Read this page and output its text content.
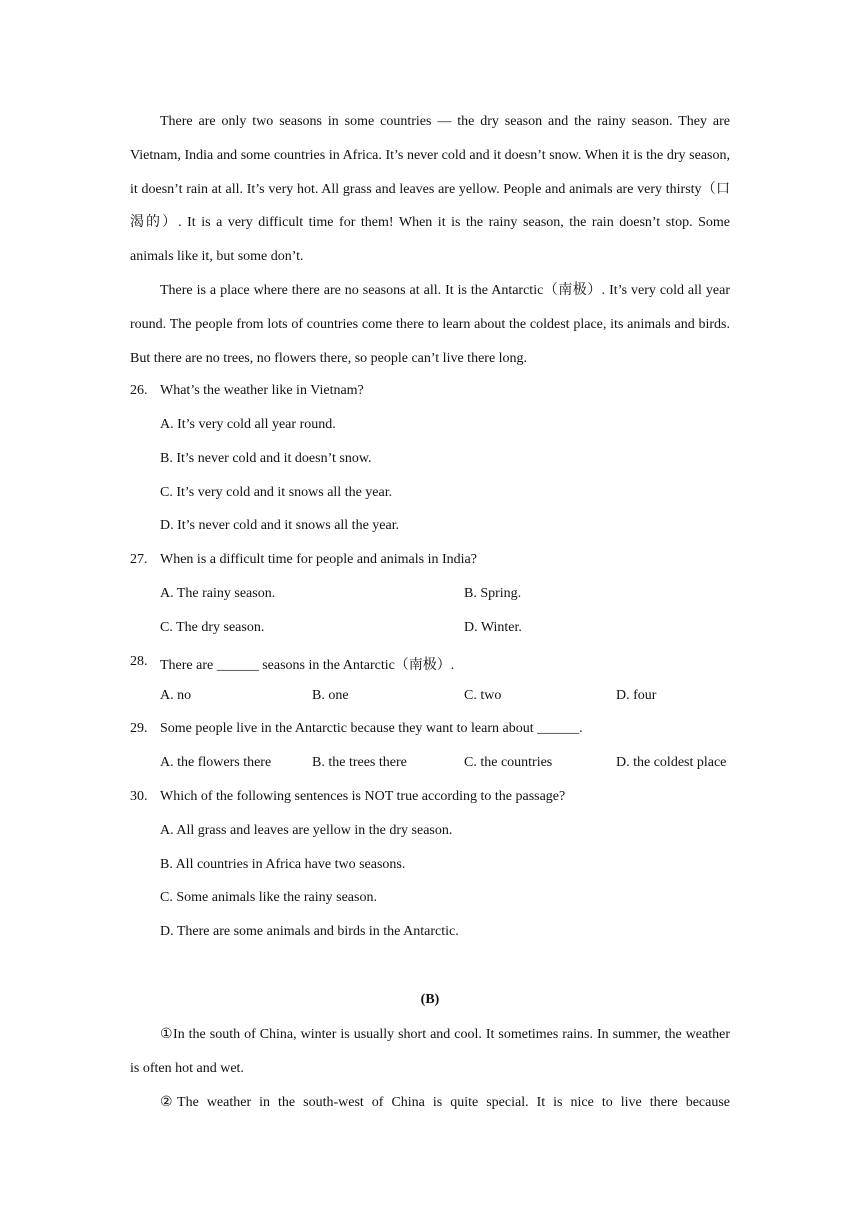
There are only two seasons in some countries — the dry season and the rainy season. They are Vietnam, India and some countries in Africa. It’s never cold and it doesn’t snow. When it is the dry season, it doesn’t rain at all. It’s very hot. All grass and leaves are yellow. People and animals are very thirsty（口渴的）. It is a very difficult time for them! When it is the rainy season, the rain doesn’t stop. Some animals like it, but some don’t.

There is a place where there are no seasons at all. It is the Antarctic（南极）. It’s very cold all year round. The people from lots of countries come there to learn about the coldest place, its animals and birds. But there are no trees, no flowers there, so people can’t live there long.

26. What’s the weather like in Vietnam?
A. It’s very cold all year round.
B. It’s never cold and it doesn’t snow.
C. It’s very cold and it snows all the year.
D. It’s never cold and it snows all the year.
27. When is a difficult time for people and animals in India?
A. The rainy season.	B. Spring.
C. The dry season.	D. Winter.
28. There are ______ seasons in the Antarctic（南极）.
A. no	B. one	C. two	D. four
29. Some people live in the Antarctic because they want to learn about ______.
A. the flowers there	B. the trees there	C. the countries	D. the coldest place
30. Which of the following sentences is NOT true according to the passage?
A. All grass and leaves are yellow in the dry season.
B. All countries in Africa have two seasons.
C. Some animals like the rainy season.
D. There are some animals and birds in the Antarctic.
(B)

①In the south of China, winter is usually short and cool. It sometimes rains. In summer, the weather is often hot and wet.

②The weather in the south-west of China is quite special. It is nice to live there because
